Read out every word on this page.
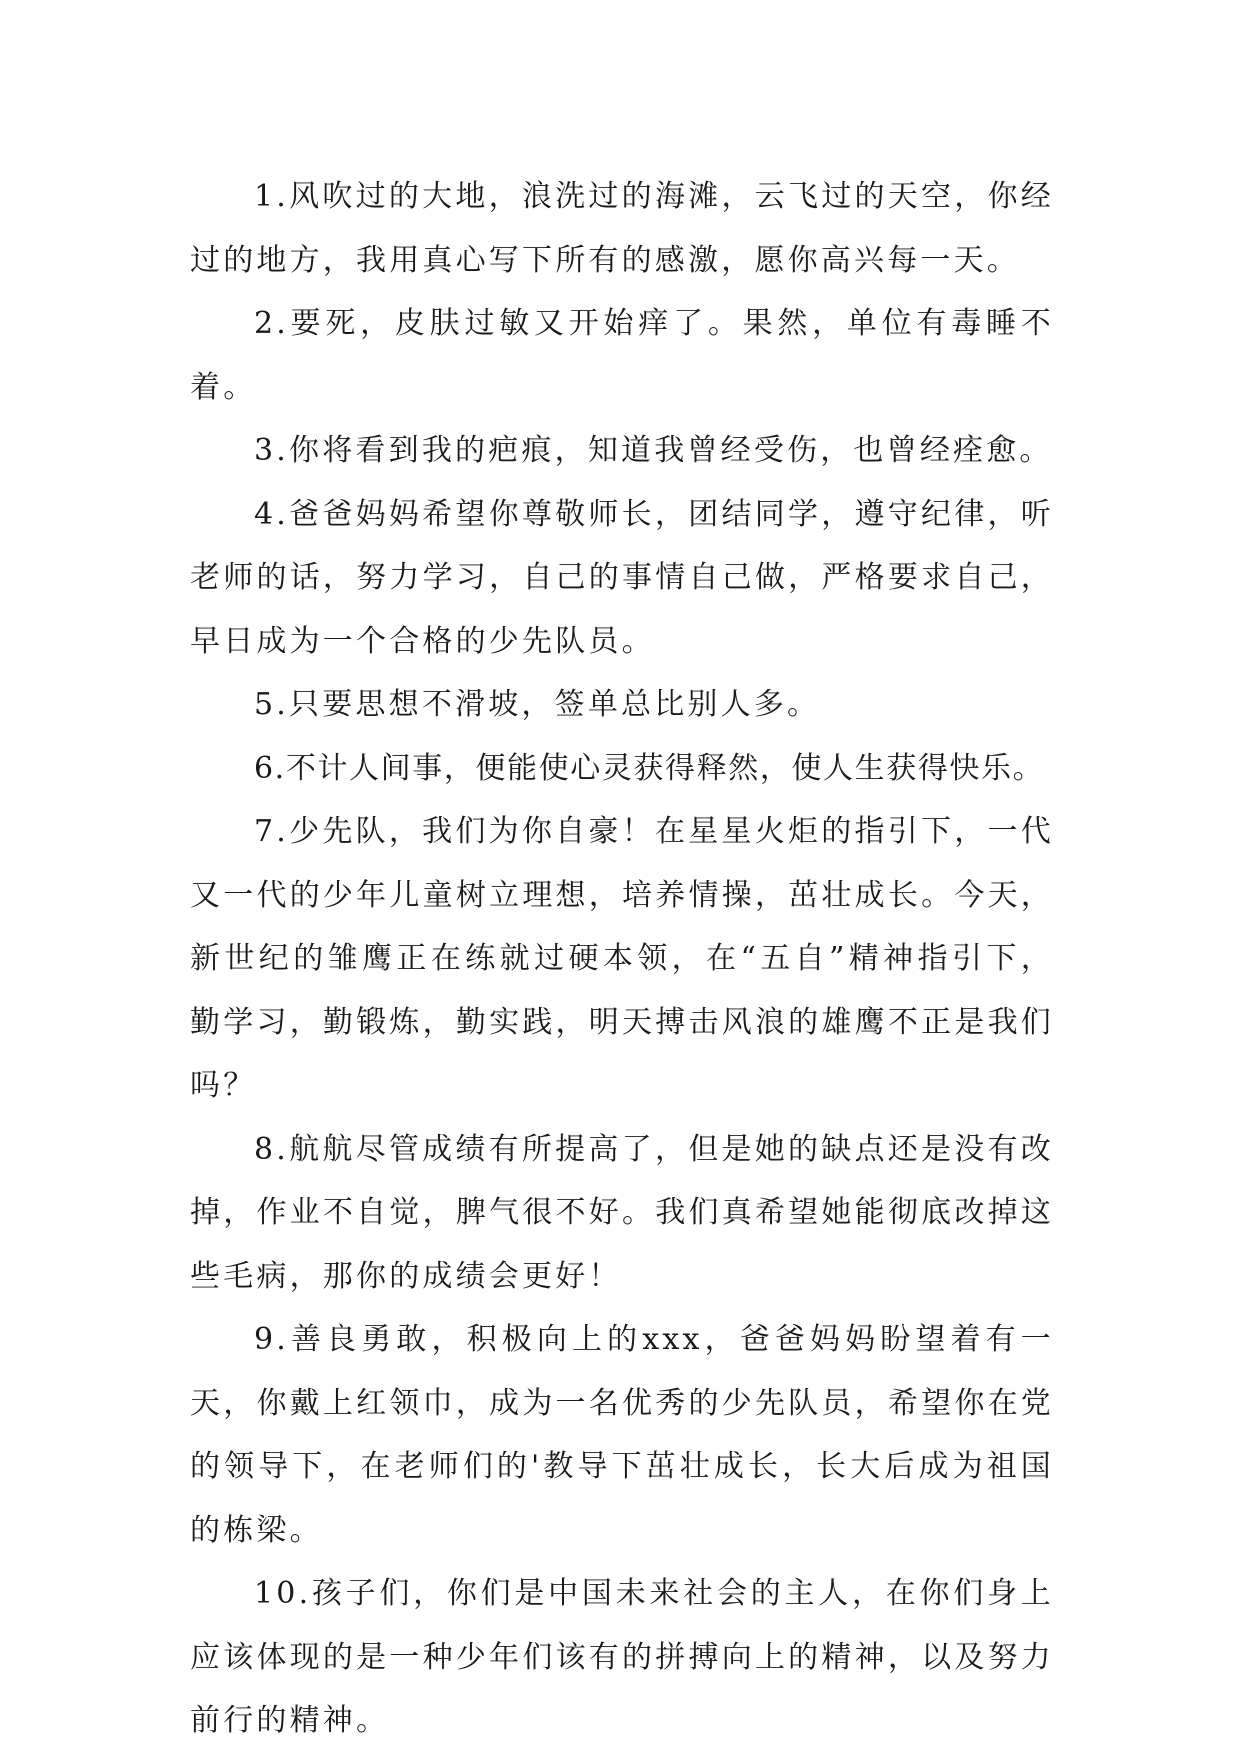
1.风吹过的大地，浪洗过的海滩，云飞过的天空，你经过的地方，我用真心写下所有的感激，愿你高兴每一天。

2.要死，皮肤过敏又开始痒了。果然，单位有毒睡不着。

3.你将看到我的疤痕，知道我曾经受伤，也曾经痊愈。

4.爸爸妈妈希望你尊敬师长，团结同学，遵守纪律，听老师的话，努力学习，自己的事情自己做，严格要求自己，早日成为一个合格的少先队员。

5.只要思想不滑坡，签单总比别人多。

6.不计人间事，便能使心灵获得释然，使人生获得快乐。

7.少先队，我们为你自豪！在星星火炬的指引下，一代又一代的少年儿童树立理想，培养情操，茁壮成长。今天，新世纪的雏鹰正在练就过硬本领，在“五自”精神指引下，勤学习，勤锻炼，勤实践，明天搏击风浪的雄鹰不正是我们吗？

8.航航尽管成绩有所提高了，但是她的缺点还是没有改掉，作业不自觉，脾气很不好。我们真希望她能彻底改掉这些毛病，那你的成绩会更好！

9.善良勇敢，积极向上的xxx，爸爸妈妈盼望着有一天，你戴上红领巾，成为一名优秀的少先队员，希望你在党的领导下，在老师们的'教导下茁壮成长，长大后成为祖国的栋梁。

10.孩子们，你们是中国未来社会的主人，在你们身上应该体现的是一种少年们该有的拼搏向上的精神，以及努力前行的精神。
